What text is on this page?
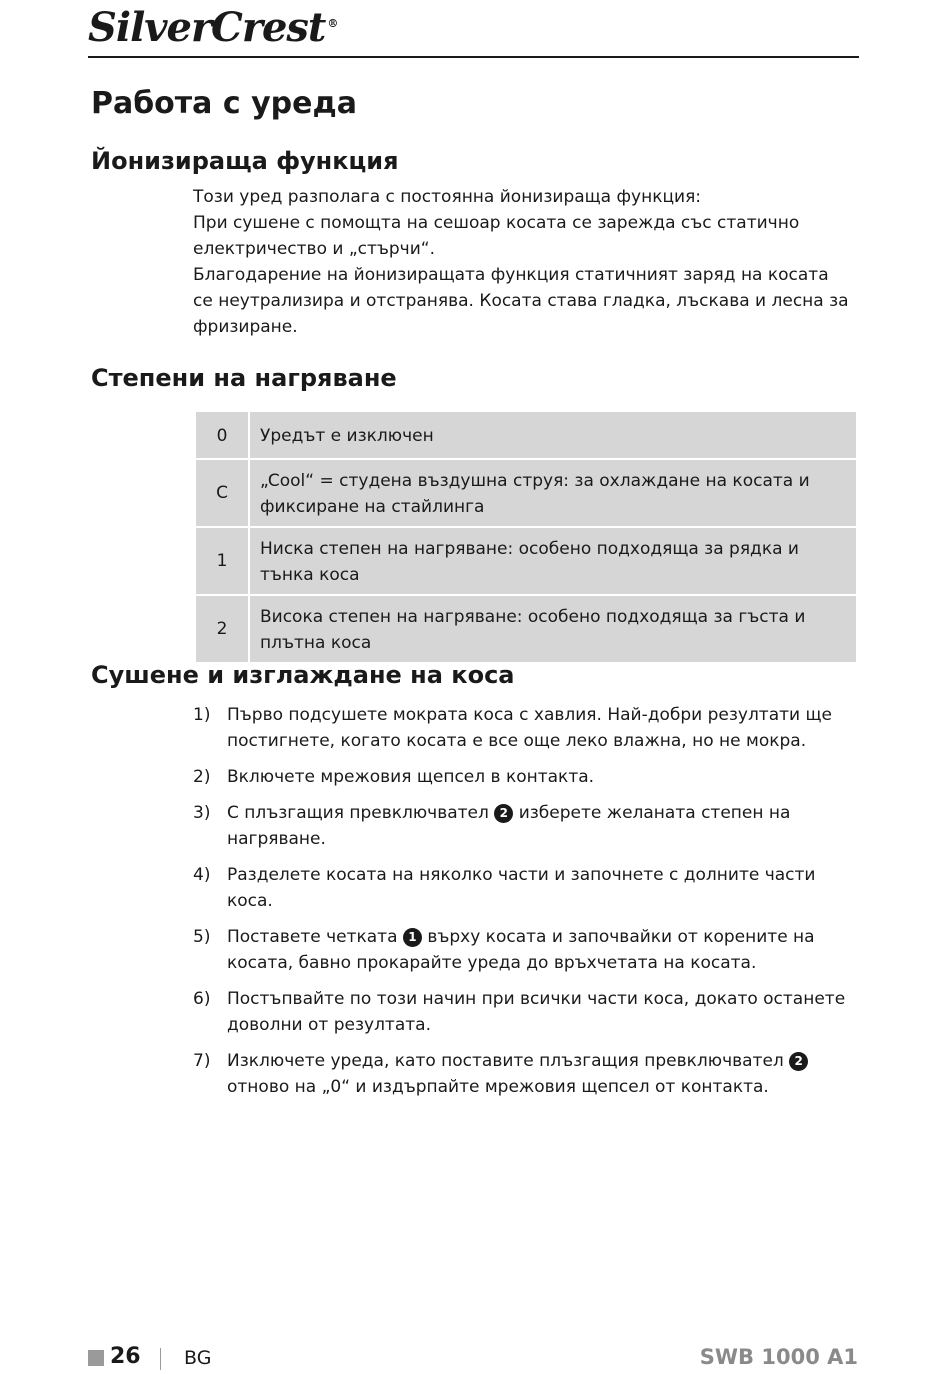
SilverCrest ®
Работа с уреда
Йонизираща функция

Този уред разполага с постоянна йонизираща функция:

При сушене с помощта на сешоар косата се зарежда със статично електричество и „стърчи“.

Благодарение на йонизиращата функция статичният заряд на косата се неутрализира и отстранява. Косата става гладка, лъскава и лесна за фризиране.

Степени на нагряване
0	Уредът е изключен
C	„Cool“ = студена въздушна струя: за охлаждане на косата и фиксиране на стайлинга
1	Ниска степен на нагряване: особено подходяща за рядка и тънка коса
2	Висока степен на нагряване: особено подходяща за гъста и плътна коса
Сушене и изглаждане на коса
1) Първо подсушете мократа коса с хавлия. Най-добри резултати ще постигнете, когато косата е все още леко влажна, но не мокра.
2) Включете мрежовия щепсел в контакта.
3) С плъзгащия превключвател 2 изберете желаната степен на нагряване.
4) Разделете косата на няколко части и започнете с долните части коса.
5) Поставете четката 1 върху косата и започвайки от корените на косата, бавно прокарайте уреда до връхчетата на косата.
6) Постъпвайте по този начин при всички части коса, докато останете доволни от резултата.
7) Изключете уреда, като поставите плъзгащия превключвател 2 отново на „0“ и издърпайте мрежовия щепсел от контакта.
26 BG	SWB 1000 A1
